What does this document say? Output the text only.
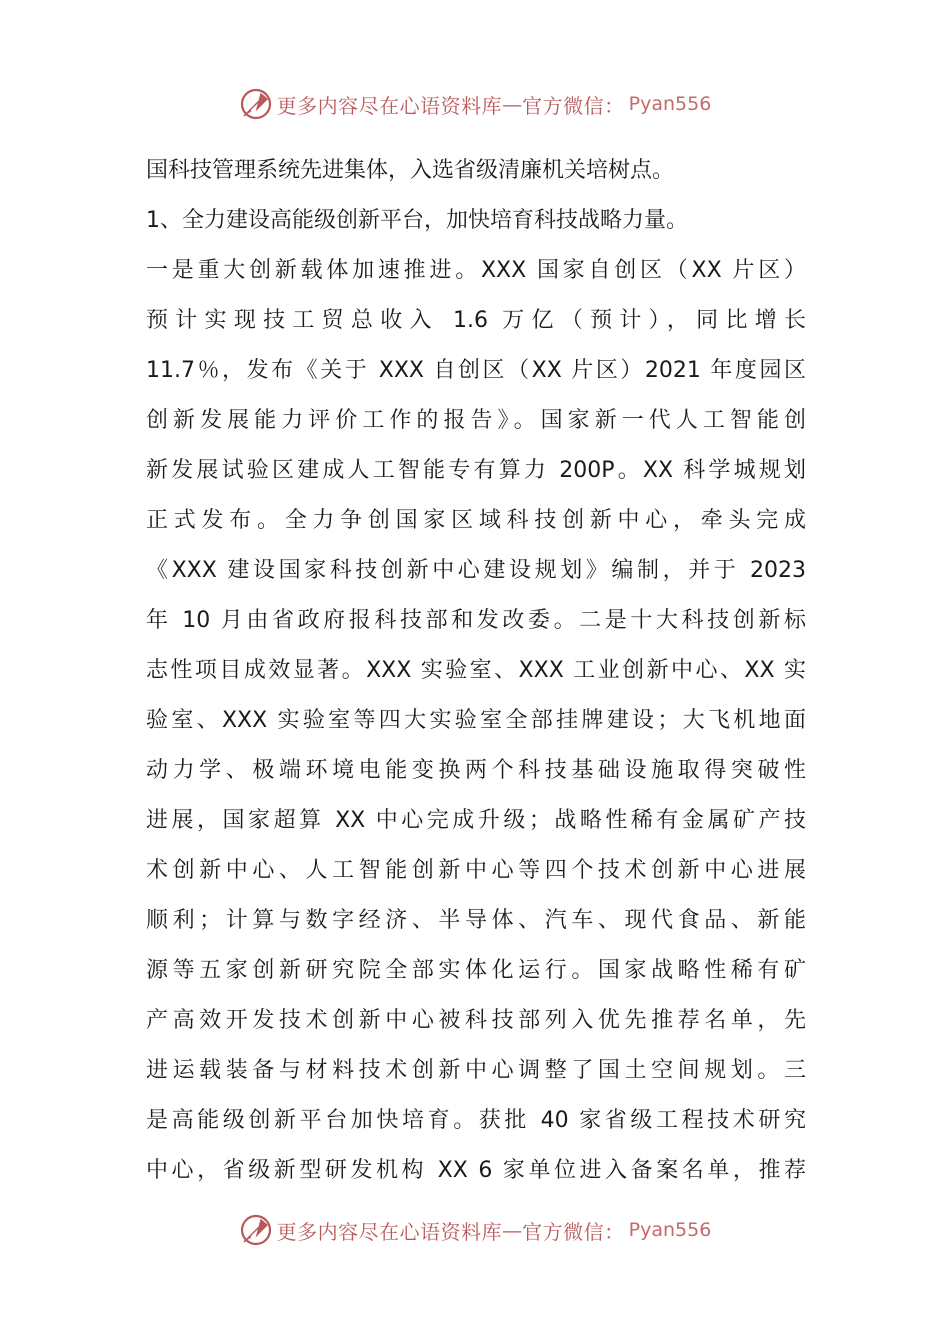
更多内容尽在心语资料库 — 官方微信： Pyan556
国科技管理系统先进集体，入选省级清廉机关培树点。
1、全力建设高能级创新平台，加快培育科技战略力量。
一是重大创新载体加速推进。XXX 国家自创区（XX 片区）
预计实现技工贸总收入 1.6 万亿（预计），同比增长
11.7％，发布《关于 XXX 自创区（XX 片区）2021 年度园区
创新发展能力评价工作的报告》。国家新一代人工智能创
新发展试验区建成人工智能专有算力 200P。XX 科学城规划
正式发布。全力争创国家区域科技创新中心，牵头完成
《XXX 建设国家科技创新中心建设规划》编制，并于 2023
年 10 月由省政府报科技部和发改委。二是十大科技创新标
志性项目成效显著。XXX 实验室、XXX 工业创新中心、XX 实
验室、XXX 实验室等四大实验室全部挂牌建设；大飞机地面
动力学、极端环境电能变换两个科技基础设施取得突破性
进展，国家超算 XX 中心完成升级；战略性稀有金属矿产技
术创新中心、人工智能创新中心等四个技术创新中心进展
顺利；计算与数字经济、半导体、汽车、现代食品、新能
源等五家创新研究院全部实体化运行。国家战略性稀有矿
产高效开发技术创新中心被科技部列入优先推荐名单，先
进运载装备与材料技术创新中心调整了国土空间规划。三
是高能级创新平台加快培育。获批 40 家省级工程技术研究
中心，省级新型研发机构 XX 6 家单位进入备案名单，推荐
更多内容尽在心语资料库 — 官方微信： Pyan556
